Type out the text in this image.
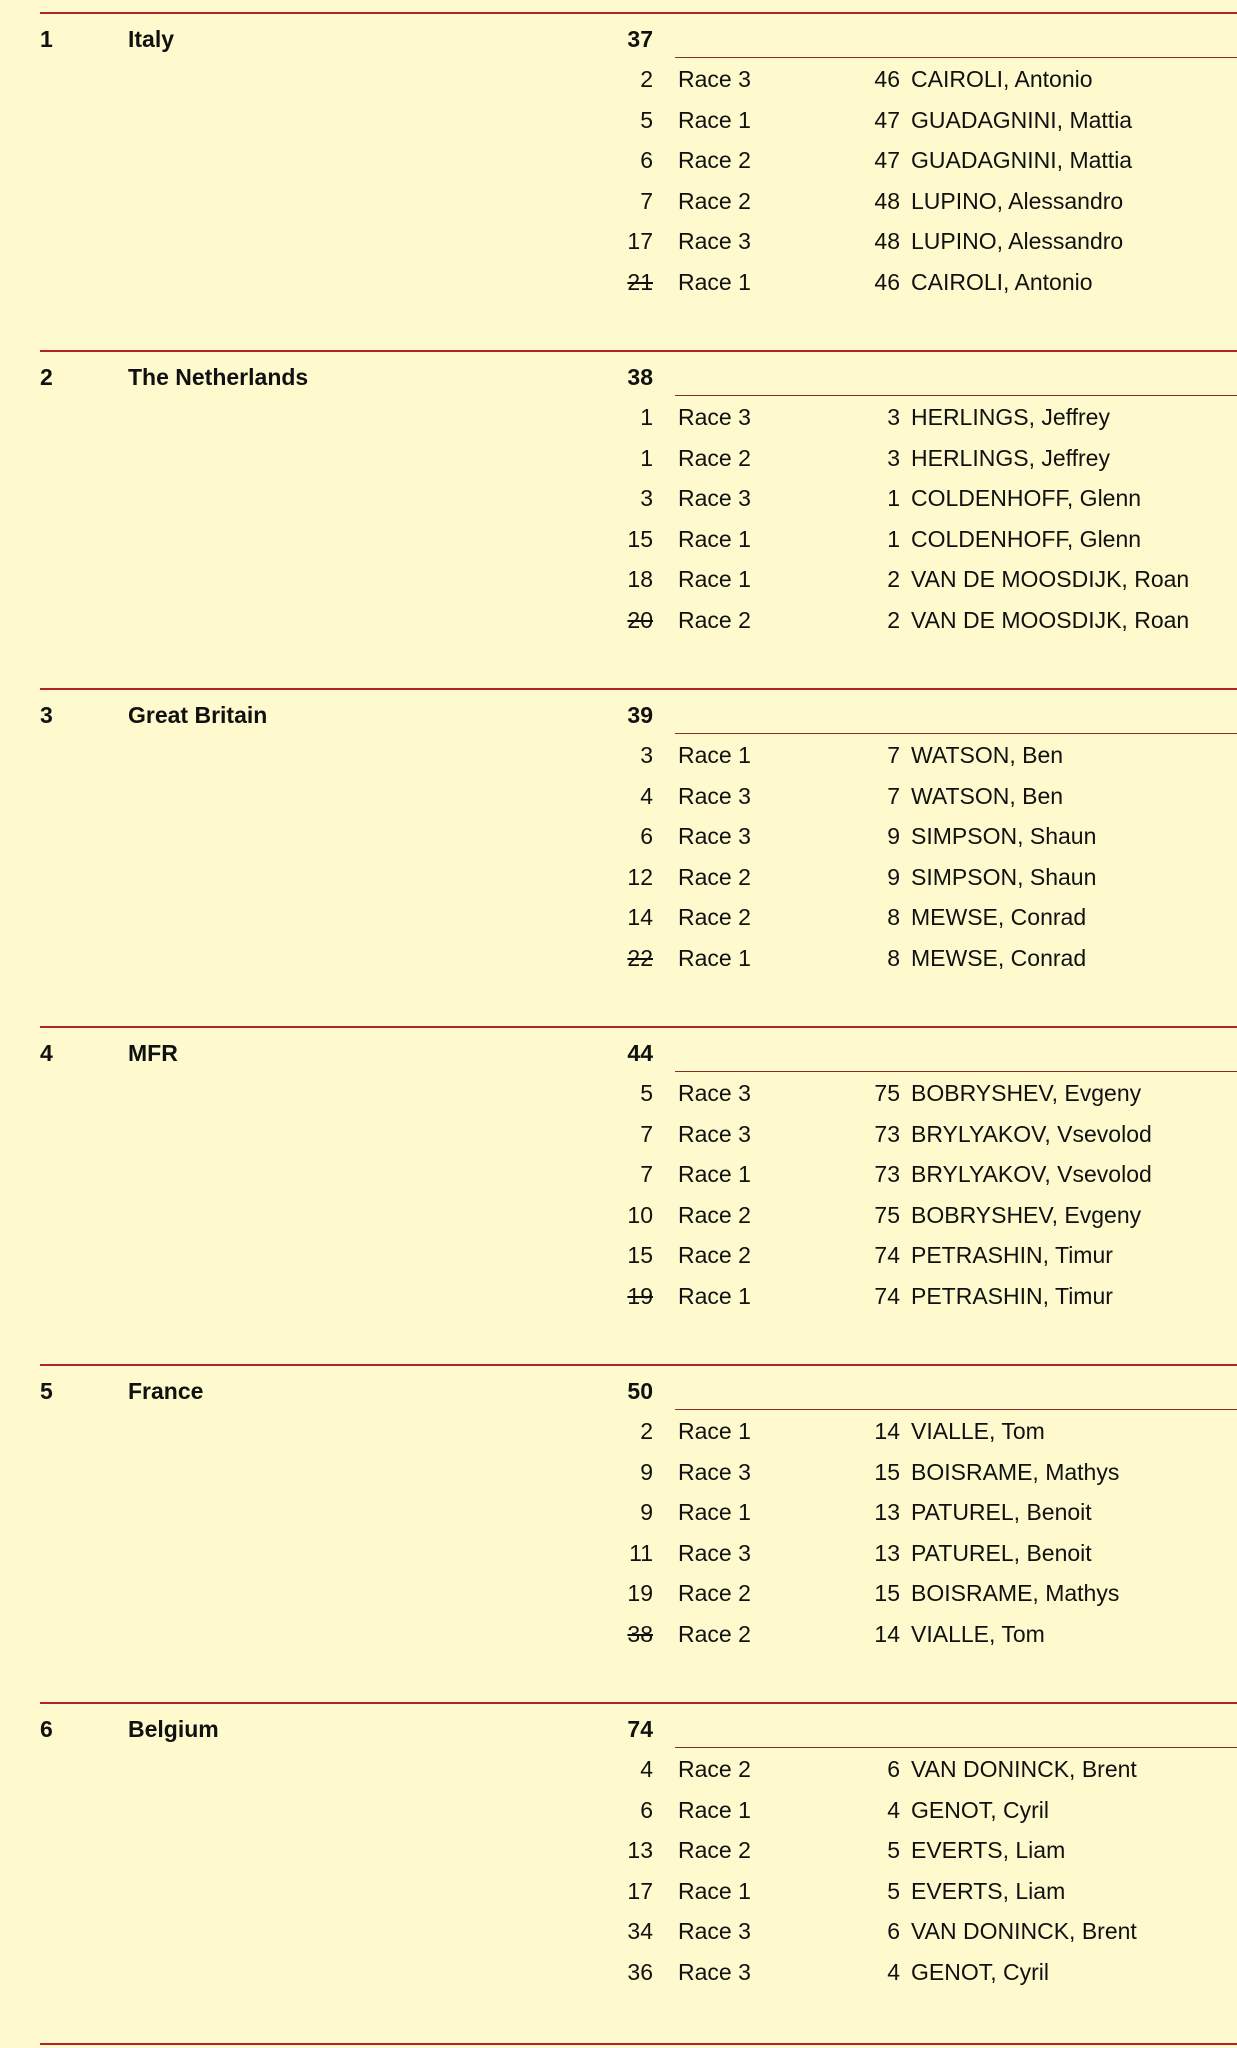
1	Italy	37
2 Race 3	46 CAIROLI, Antonio
5 Race 1	47 GUADAGNINI, Mattia
6 Race 2	47 GUADAGNINI, Mattia
7 Race 2	48 LUPINO, Alessandro
17 Race 3	48 LUPINO, Alessandro
21 Race 1	46 CAIROLI, Antonio
2	The Netherlands	38
1 Race 3	3 HERLINGS, Jeffrey
1 Race 2	3 HERLINGS, Jeffrey
3 Race 3	1 COLDENHOFF, Glenn
15 Race 1	1 COLDENHOFF, Glenn
18 Race 1	2 VAN DE MOOSDIJK, Roan
20 Race 2	2 VAN DE MOOSDIJK, Roan
3	Great Britain	39
3 Race 1	7 WATSON, Ben
4 Race 3	7 WATSON, Ben
6 Race 3	9 SIMPSON, Shaun
12 Race 2	9 SIMPSON, Shaun
14 Race 2	8 MEWSE, Conrad
22 Race 1	8 MEWSE, Conrad
4	MFR	44
5 Race 3	75 BOBRYSHEV, Evgeny
7 Race 3	73 BRYLYAKOV, Vsevolod
7 Race 1	73 BRYLYAKOV, Vsevolod
10 Race 2	75 BOBRYSHEV, Evgeny
15 Race 2	74 PETRASHIN, Timur
19 Race 1	74 PETRASHIN, Timur
5	France	50
2 Race 1	14 VIALLE, Tom
9 Race 3	15 BOISRAME, Mathys
9 Race 1	13 PATUREL, Benoit
11 Race 3	13 PATUREL, Benoit
19 Race 2	15 BOISRAME, Mathys
38 Race 2	14 VIALLE, Tom
6	Belgium	74
4 Race 2	6 VAN DONINCK, Brent
6 Race 1	4 GENOT, Cyril
13 Race 2	5 EVERTS, Liam
17 Race 1	5 EVERTS, Liam
34 Race 3	6 VAN DONINCK, Brent
36 Race 3	4 GENOT, Cyril
